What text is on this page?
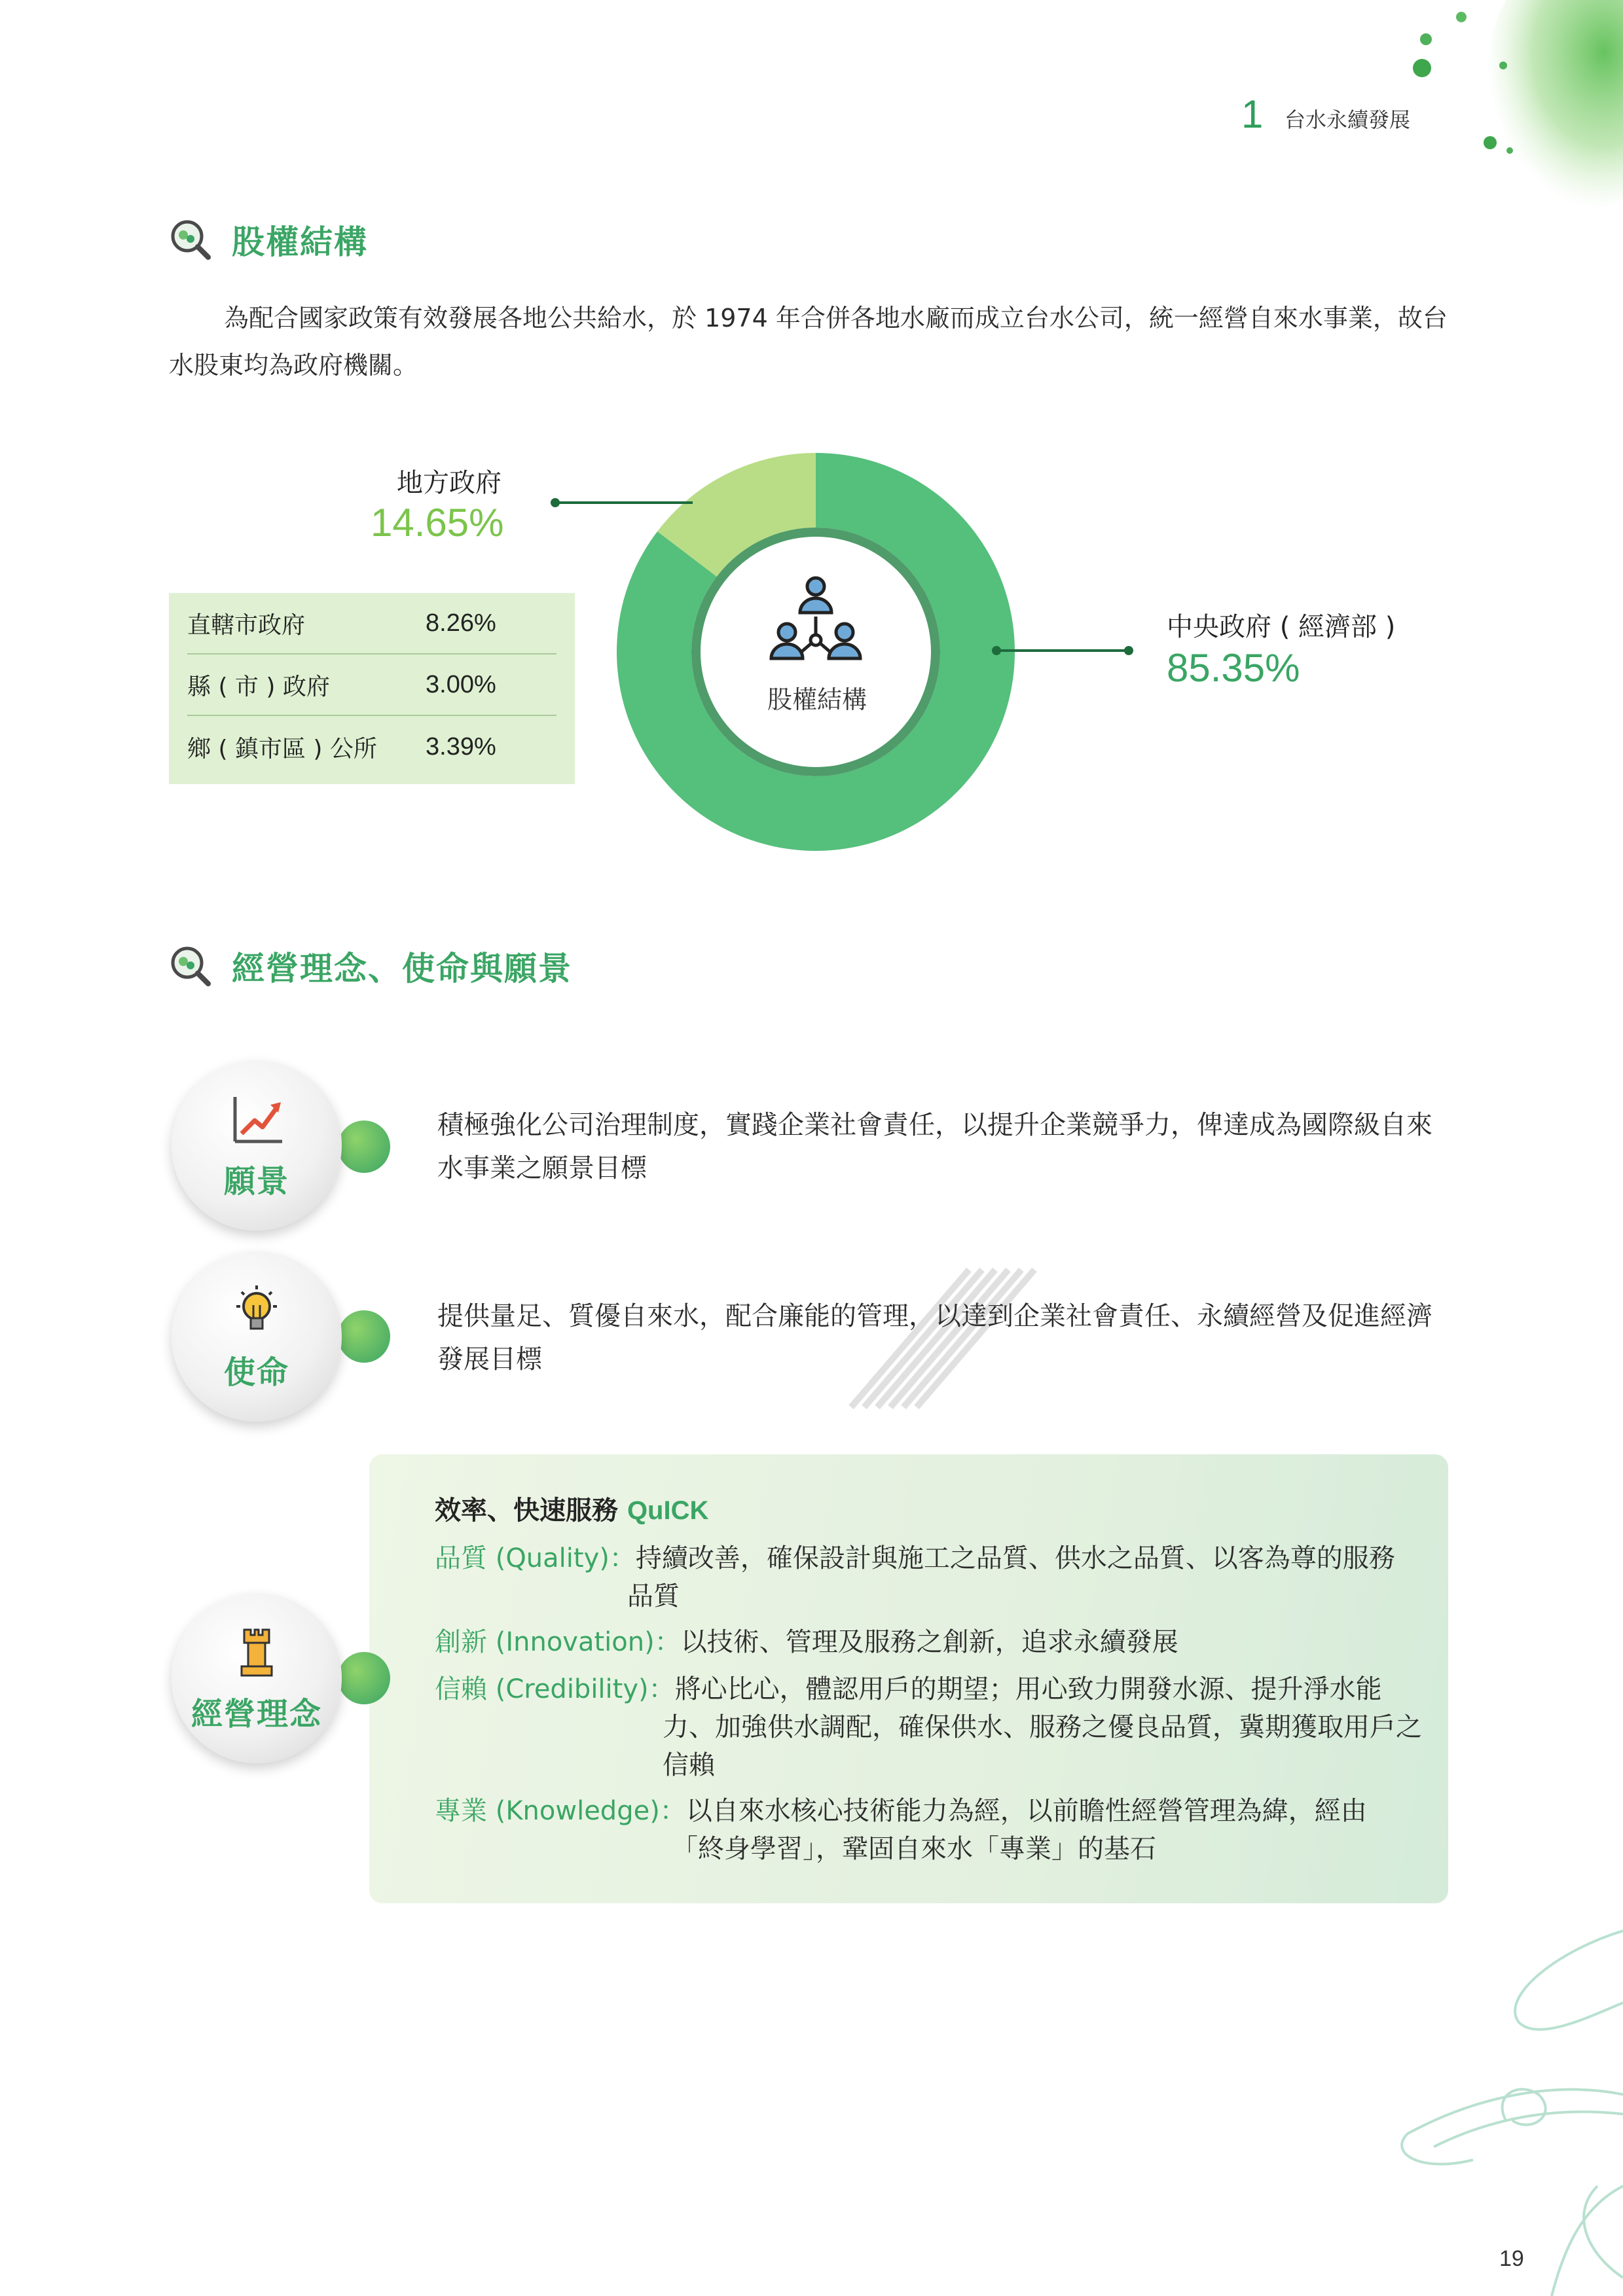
1 台水永續發展
股權結構

為配合國家政策有效發展各地公共給水，於 1974 年合併各地水廠而成立台水公司，統一經營自來水事業，故台水股東均為政府機關。

股權結構
地方政府
14.65%
中央政府 ( 經濟部 )
85.35%
直轄市政府	8.26%
縣 ( 市 ) 政府	3.00%
鄉 ( 鎮市區 ) 公所	3.39%
經營理念、使命與願景
願景
積極強化公司治理制度，實踐企業社會責任，以提升企業競爭力，俾達成為國際級自來水事業之願景目標
使命
提供量足、質優自來水，配合廉能的管理，以達到企業社會責任、永續經營及促進經濟發展目標
經營理念
效率、快速服務 QuICK
品質 (Quality)：持續改善，確保設計與施工之品質、供水之品質、以客為尊的服務
品質
創新 (Innovation)：以技術、管理及服務之創新，追求永續發展
信賴 (Credibility)：將心比心，體認用戶的期望；用心致力開發水源、提升淨水能
力、加強供水調配，確保供水、服務之優良品質，冀期獲取用戶之信賴
專業 (Knowledge)：以自來水核心技術能力為經，以前瞻性經營管理為緯，經由
「終身學習」，鞏固自來水「專業」的基石
19
